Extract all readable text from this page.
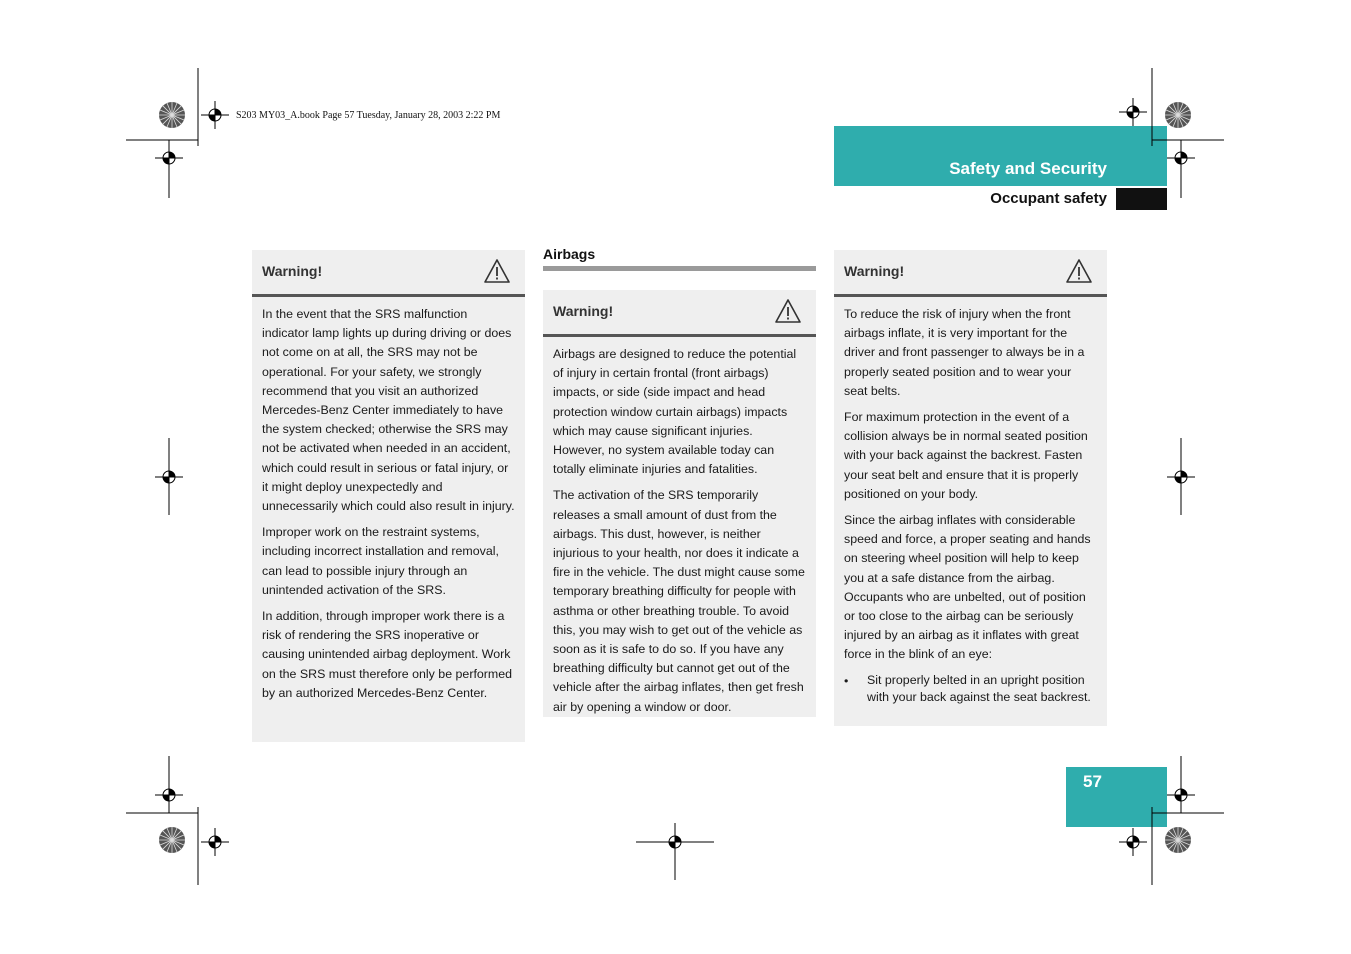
S203 MY03_A.book Page 57 Tuesday, January 28, 2003 2:22 PM
Safety and Security
Occupant safety
Warning!

In the event that the SRS malfunction indicator lamp lights up during driving or does not come on at all, the SRS may not be operational. For your safety, we strongly recommend that you visit an authorized Mercedes-Benz Center immediately to have the system checked; otherwise the SRS may not be activated when needed in an accident, which could result in serious or fatal injury, or it might deploy unexpectedly and unnecessarily which could also result in injury.

Improper work on the restraint systems, including incorrect installation and removal, can lead to possible injury through an unintended activation of the SRS.

In addition, through improper work there is a risk of rendering the SRS inoperative or causing unintended airbag deployment. Work on the SRS must therefore only be performed by an authorized Mercedes-Benz Center.

Airbags
Warning!

Airbags are designed to reduce the potential of injury in certain frontal (front airbags) impacts, or side (side impact and head protection window curtain airbags) impacts which may cause significant injuries. However, no system available today can totally eliminate injuries and fatalities.

The activation of the SRS temporarily releases a small amount of dust from the airbags. This dust, however, is neither injurious to your health, nor does it indicate a fire in the vehicle. The dust might cause some temporary breathing difficulty for people with asthma or other breathing trouble. To avoid this, you may wish to get out of the vehicle as soon as it is safe to do so. If you have any breathing difficulty but cannot get out of the vehicle after the airbag inflates, then get fresh air by opening a window or door.

Warning!

To reduce the risk of injury when the front airbags inflate, it is very important for the driver and front passenger to always be in a properly seated position and to wear your seat belts.

For maximum protection in the event of a collision always be in normal seated position with your back against the backrest. Fasten your seat belt and ensure that it is properly positioned on your body.

Since the airbag inflates with considerable speed and force, a proper seating and hands on steering wheel position will help to keep you at a safe distance from the airbag. Occupants who are unbelted, out of position or too close to the airbag can be seriously injured by an airbag as it inflates with great force in the blink of an eye:

•	Sit properly belted in an upright position with your back against the seat backrest.
57
